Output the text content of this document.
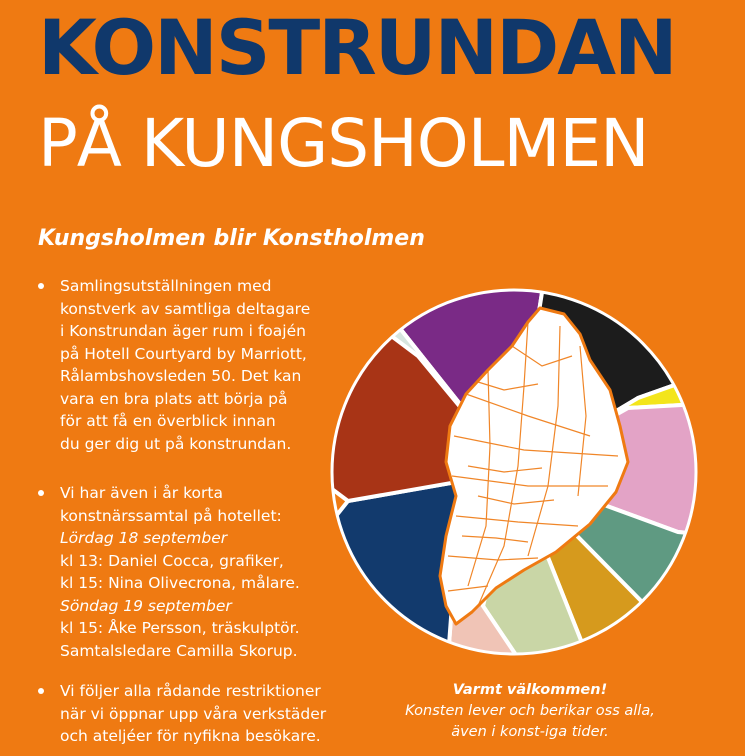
KONSTRUNDAN
PÅ KUNGSHOLMEN
Kungsholmen blir Konstholmen
Samlingsutställningen med
konstverk av samtliga deltagare
i Konstrundan äger rum i foajén
på Hotell Courtyard by Marriott,
Rålambshovsleden 50. Det kan
vara en bra plats att börja på
för att få en överblick innan
du ger dig ut på konstrundan.
Vi har även i år korta
konstnärssamtal på hotellet:
Lördag 18 september
kl 13: Daniel Cocca, grafiker,
kl 15: Nina Olivecrona, målare.
Söndag 19 september
kl 15: Åke Persson, träskulptör.
Samtalsledare Camilla Skorup.
Vi följer alla rådande restriktioner
när vi öppnar upp våra verkstäder
och ateljéer för nyfikna besökare.
Varmt välkommen!
Konsten lever och berikar oss alla,
även i konst-iga tider.
